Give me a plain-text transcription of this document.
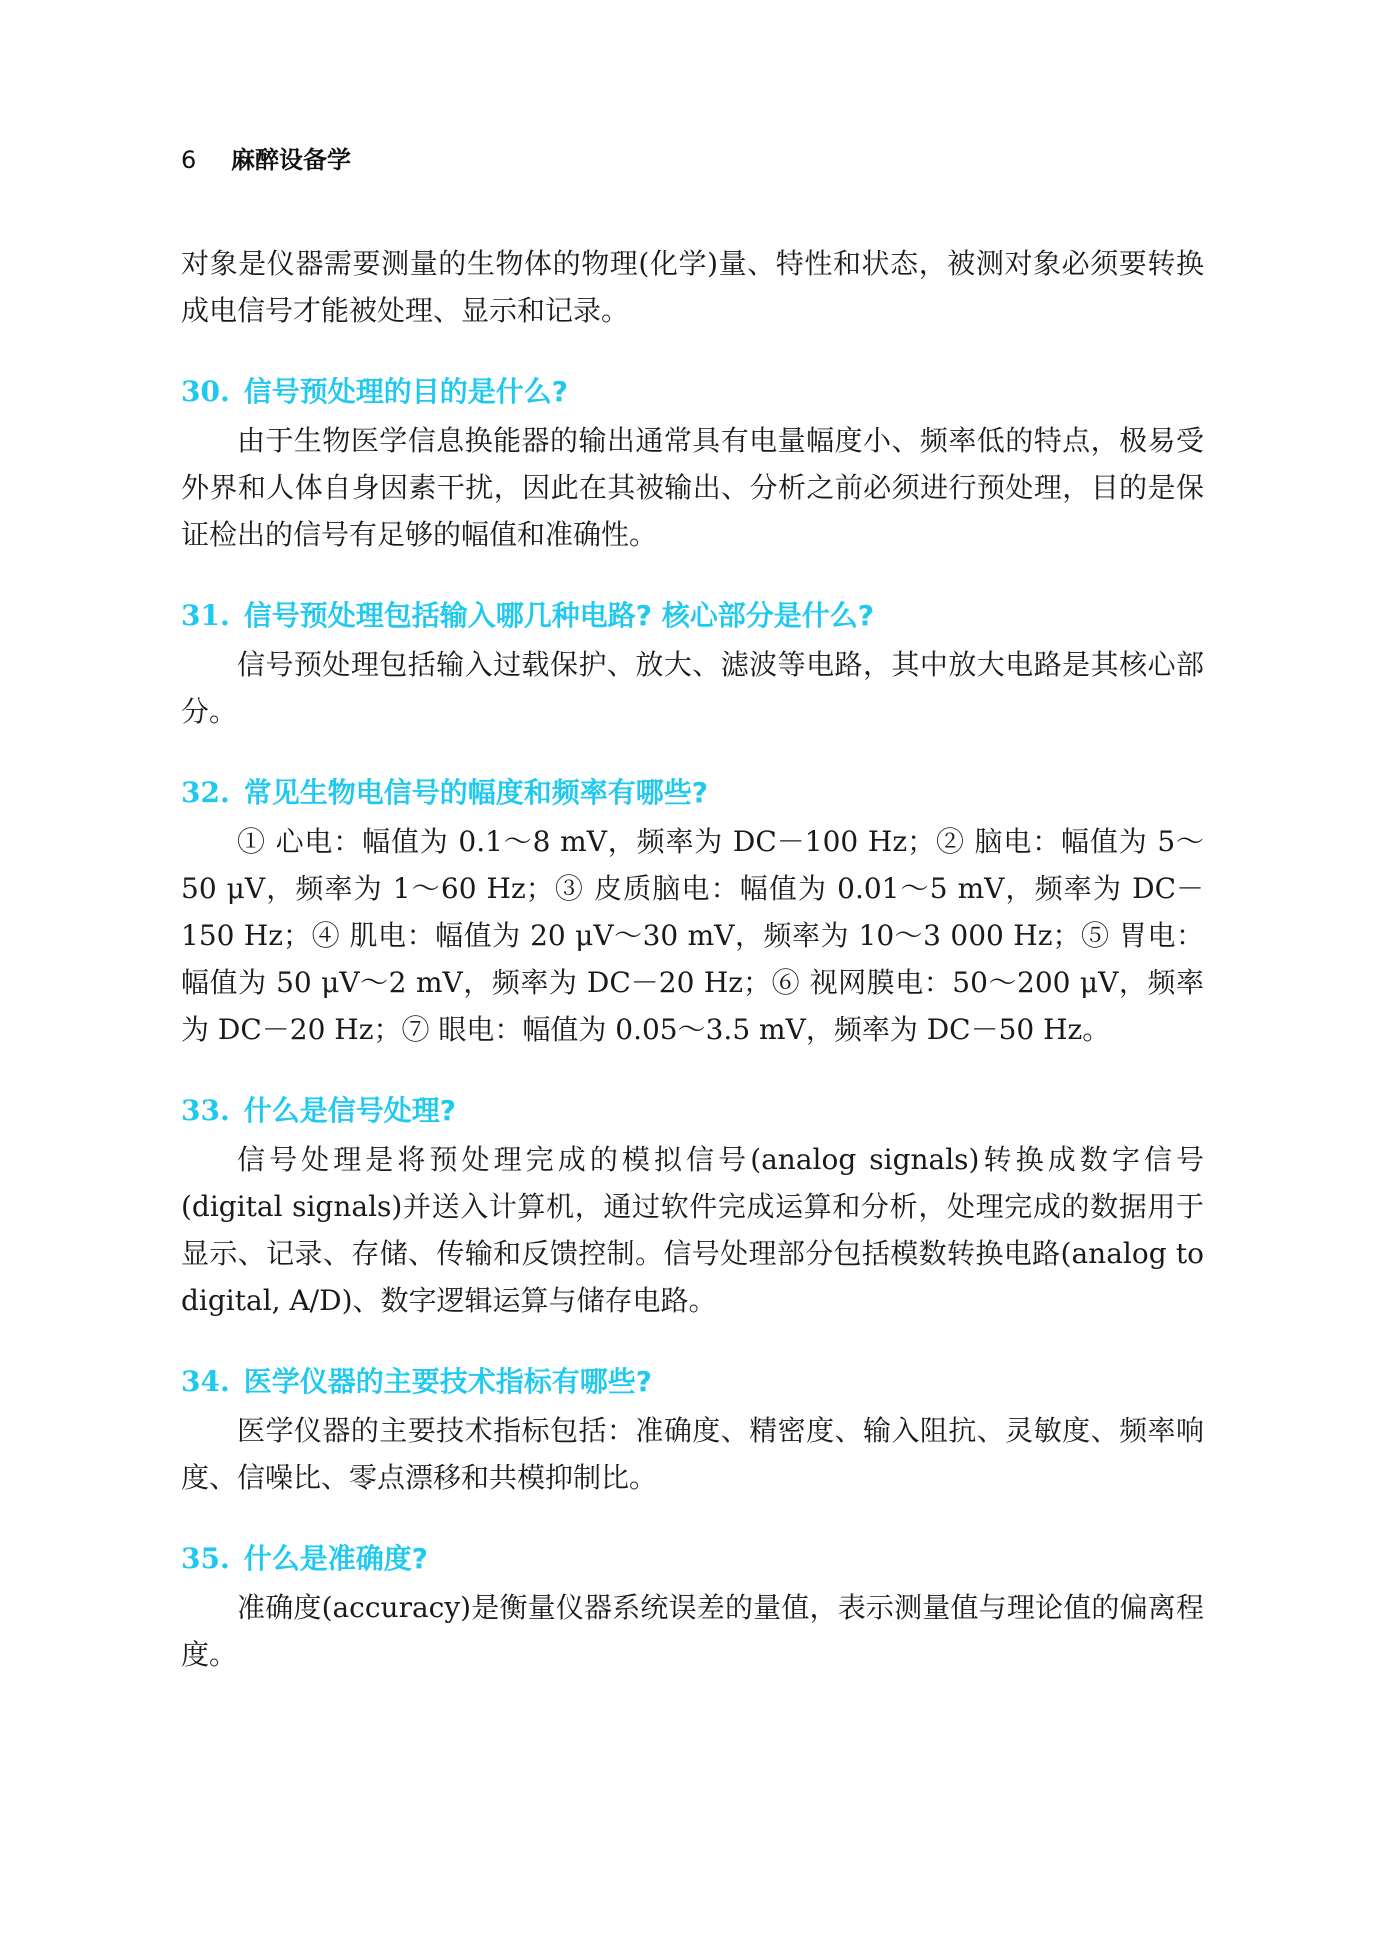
6 麻醉设备学

对象是仪器需要测量的生物体的物理(化学)量、特性和状态，被测对象必须要转换成电信号才能被处理、显示和记录。

30. 信号预处理的目的是什么?

由于生物医学信息换能器的输出通常具有电量幅度小、频率低的特点，极易受外界和人体自身因素干扰，因此在其被输出、分析之前必须进行预处理，目的是保证检出的信号有足够的幅值和准确性。

31. 信号预处理包括输入哪几种电路? 核心部分是什么?

信号预处理包括输入过载保护、放大、滤波等电路，其中放大电路是其核心部分。

32. 常见生物电信号的幅度和频率有哪些?

① 心电：幅值为 0.1～8 mV，频率为 DC－100 Hz；② 脑电：幅值为 5～50 μV，频率为 1～60 Hz；③ 皮质脑电：幅值为 0.01～5 mV，频率为 DC－150 Hz；④ 肌电：幅值为 20 μV～30 mV，频率为 10～3 000 Hz；⑤ 胃电：幅值为 50 μV～2 mV，频率为 DC－20 Hz；⑥ 视网膜电：50～200 μV，频率为 DC－20 Hz；⑦ 眼电：幅值为 0.05～3.5 mV，频率为 DC－50 Hz。

33. 什么是信号处理?

信号处理是将预处理完成的模拟信号(analog signals)转换成数字信号(digital signals)并送入计算机，通过软件完成运算和分析，处理完成的数据用于显示、记录、存储、传输和反馈控制。信号处理部分包括模数转换电路(analog to digital, A/D)、数字逻辑运算与储存电路。

34. 医学仪器的主要技术指标有哪些?

医学仪器的主要技术指标包括：准确度、精密度、输入阻抗、灵敏度、频率响度、信噪比、零点漂移和共模抑制比。

35. 什么是准确度?

准确度(accuracy)是衡量仪器系统误差的量值，表示测量值与理论值的偏离程度。
